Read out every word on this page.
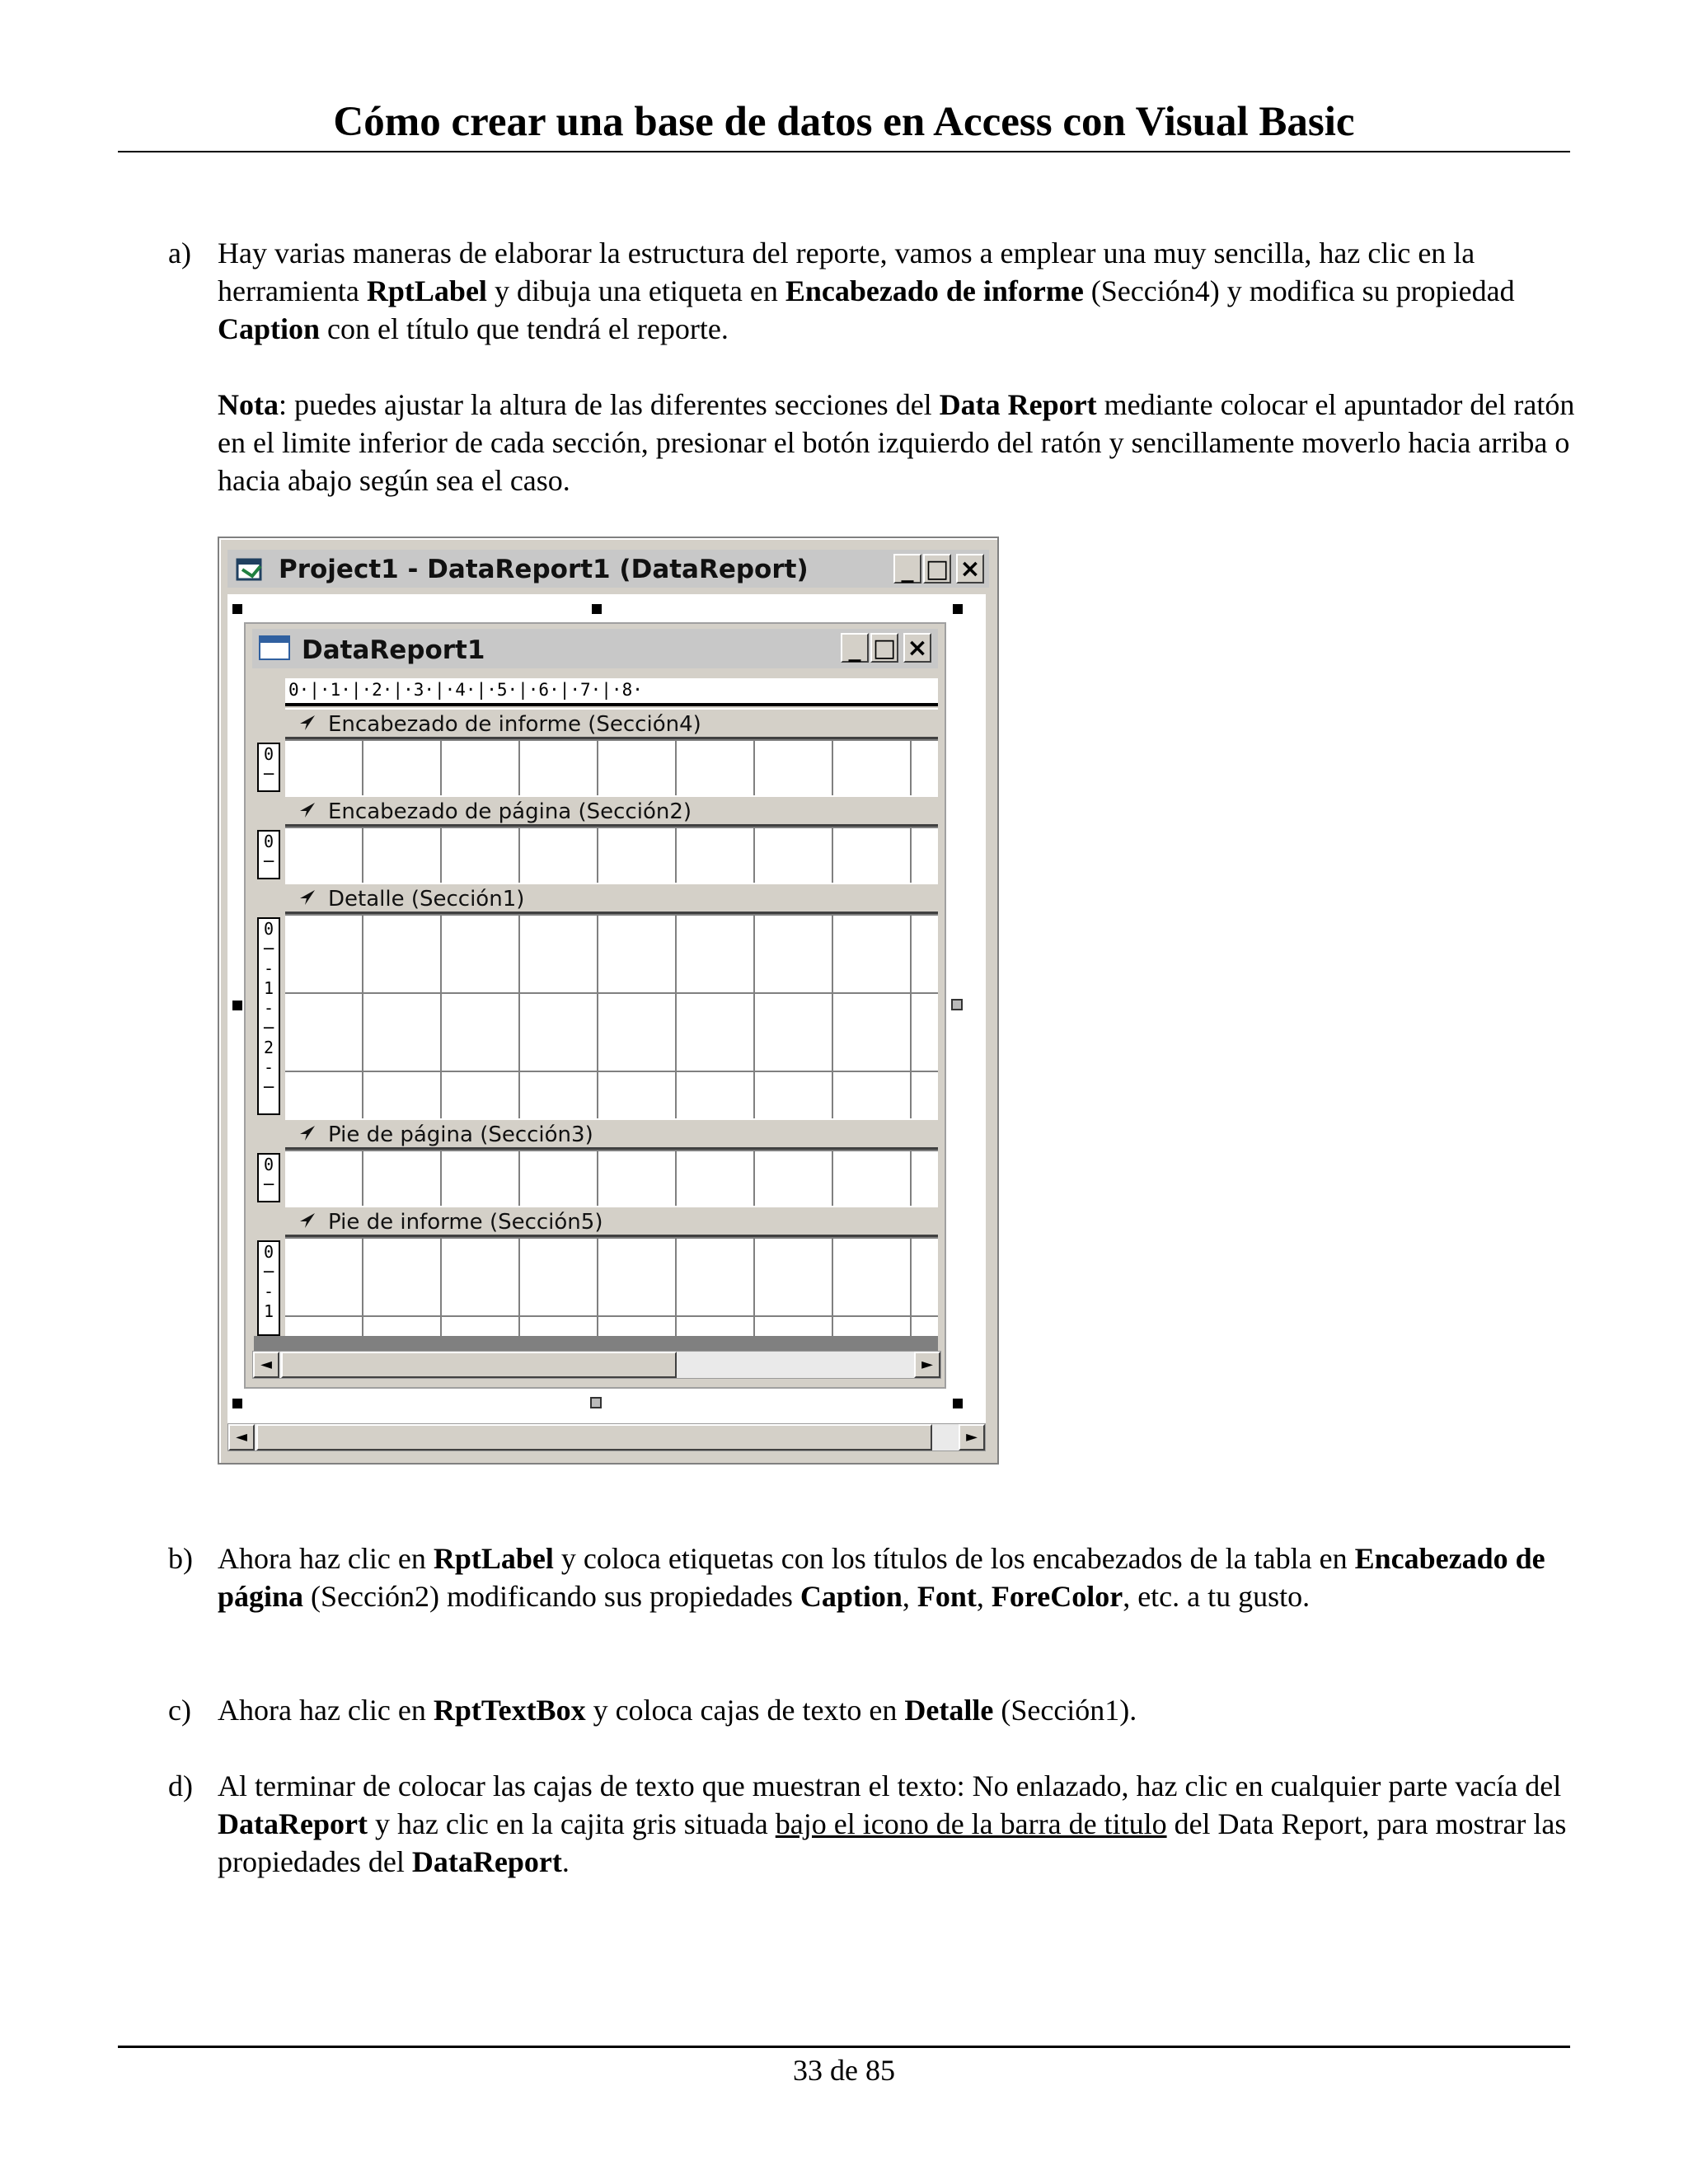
Cómo crear una base de datos en Access con Visual Basic
a) Hay varias maneras de elaborar la estructura del reporte, vamos a emplear una muy sencilla, haz clic en la herramienta RptLabel y dibuja una etiqueta en Encabezado de informe (Sección4) y modifica su propiedad Caption con el título que tendrá el reporte.
Nota: puedes ajustar la altura de las diferentes secciones del Data Report mediante colocar el apuntador del ratón en el limite inferior de cada sección, presionar el botón izquierdo del ratón y sencillamente moverlo hacia arriba o hacia abajo según sea el caso.
Project1 - DataReport1 (DataReport)	_ □ ×
DataReport1	_ □ ×
0·|·1·|·2·|·3·|·4·|·5·|·6·|·7·|·8·
Encabezado de informe (Sección4)
0
─
Encabezado de página (Sección2)
0
─
Detalle (Sección1)
0
─
-
1
-
─
2
-
─
Pie de página (Sección3)
0
─
Pie de informe (Sección5)
0
─
-
1
◄	►
◄	►
b) Ahora haz clic en RptLabel y coloca etiquetas con los títulos de los encabezados de la tabla en Encabezado de página (Sección2) modificando sus propiedades Caption, Font, ForeColor, etc. a tu gusto.
c) Ahora haz clic en RptTextBox y coloca cajas de texto en Detalle (Sección1).
d) Al terminar de colocar las cajas de texto que muestran el texto: No enlazado, haz clic en cualquier parte vacía del DataReport y haz clic en la cajita gris situada bajo el icono de la barra de titulo del Data Report, para mostrar las propiedades del DataReport.
33 de 85
